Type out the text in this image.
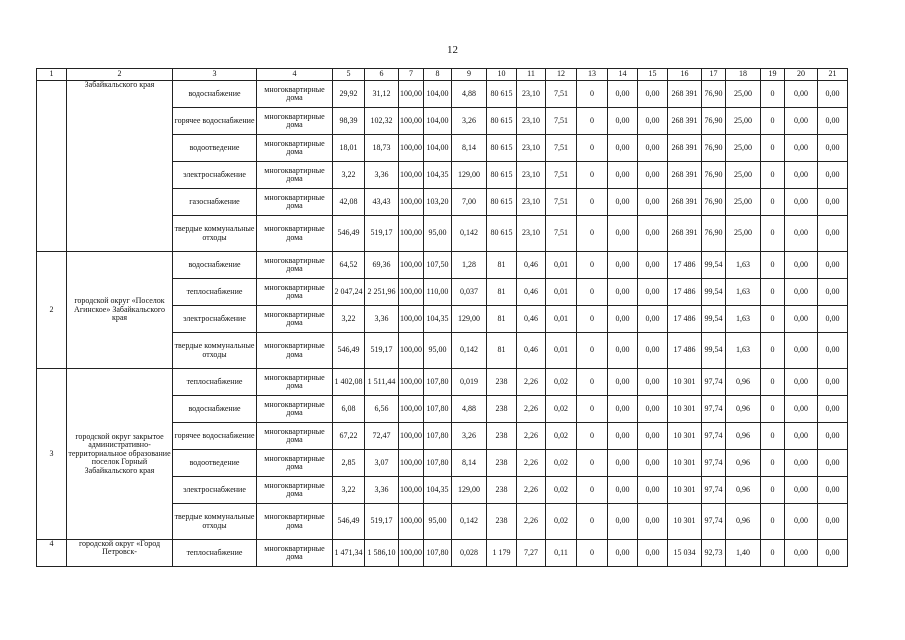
12
1	2	3	4	5	6	7	8	9	10	11	12	13	14	15	16	17	18	19	20	21
	Забайкальского края	водоснабжение	многоквартирные дома	29,92	31,12	100,00	104,00	4,88	80 615	23,10	7,51	0	0,00	0,00	268 391	76,90	25,00	0	0,00	0,00
		горячее водоснабжение	многоквартирные дома	98,39	102,32	100,00	104,00	3,26	80 615	23,10	7,51	0	0,00	0,00	268 391	76,90	25,00	0	0,00	0,00
		водоотведение	многоквартирные дома	18,01	18,73	100,00	104,00	8,14	80 615	23,10	7,51	0	0,00	0,00	268 391	76,90	25,00	0	0,00	0,00
		электроснабжение	многоквартирные дома	3,22	3,36	100,00	104,35	129,00	80 615	23,10	7,51	0	0,00	0,00	268 391	76,90	25,00	0	0,00	0,00
		газоснабжение	многоквартирные дома	42,08	43,43	100,00	103,20	7,00	80 615	23,10	7,51	0	0,00	0,00	268 391	76,90	25,00	0	0,00	0,00
		твердые коммунальные отходы	многоквартирные дома	546,49	519,17	100,00	95,00	0,142	80 615	23,10	7,51	0	0,00	0,00	268 391	76,90	25,00	0	0,00	0,00
2	городской округ «Поселок Агинское» Забайкальского края	водоснабжение	многоквартирные дома	64,52	69,36	100,00	107,50	1,28	81	0,46	0,01	0	0,00	0,00	17 486	99,54	1,63	0	0,00	0,00
		теплоснабжение	многоквартирные дома	2 047,24	2 251,96	100,00	110,00	0,037	81	0,46	0,01	0	0,00	0,00	17 486	99,54	1,63	0	0,00	0,00
		электроснабжение	многоквартирные дома	3,22	3,36	100,00	104,35	129,00	81	0,46	0,01	0	0,00	0,00	17 486	99,54	1,63	0	0,00	0,00
		твердые коммунальные отходы	многоквартирные дома	546,49	519,17	100,00	95,00	0,142	81	0,46	0,01	0	0,00	0,00	17 486	99,54	1,63	0	0,00	0,00
3	городской округ закрытое административно-территориальное образование поселок Горный Забайкальского края	теплоснабжение	многоквартирные дома	1 402,08	1 511,44	100,00	107,80	0,019	238	2,26	0,02	0	0,00	0,00	10 301	97,74	0,96	0	0,00	0,00
		водоснабжение	многоквартирные дома	6,08	6,56	100,00	107,80	4,88	238	2,26	0,02	0	0,00	0,00	10 301	97,74	0,96	0	0,00	0,00
		горячее водоснабжение	многоквартирные дома	67,22	72,47	100,00	107,80	3,26	238	2,26	0,02	0	0,00	0,00	10 301	97,74	0,96	0	0,00	0,00
		водоотведение	многоквартирные дома	2,85	3,07	100,00	107,80	8,14	238	2,26	0,02	0	0,00	0,00	10 301	97,74	0,96	0	0,00	0,00
		электроснабжение	многоквартирные дома	3,22	3,36	100,00	104,35	129,00	238	2,26	0,02	0	0,00	0,00	10 301	97,74	0,96	0	0,00	0,00
		твердые коммунальные отходы	многоквартирные дома	546,49	519,17	100,00	95,00	0,142	238	2,26	0,02	0	0,00	0,00	10 301	97,74	0,96	0	0,00	0,00
4	городской округ «Город Петровск-	теплоснабжение	многоквартирные дома	1 471,34	1 586,10	100,00	107,80	0,028	1 179	7,27	0,11	0	0,00	0,00	15 034	92,73	1,40	0	0,00	0,00
